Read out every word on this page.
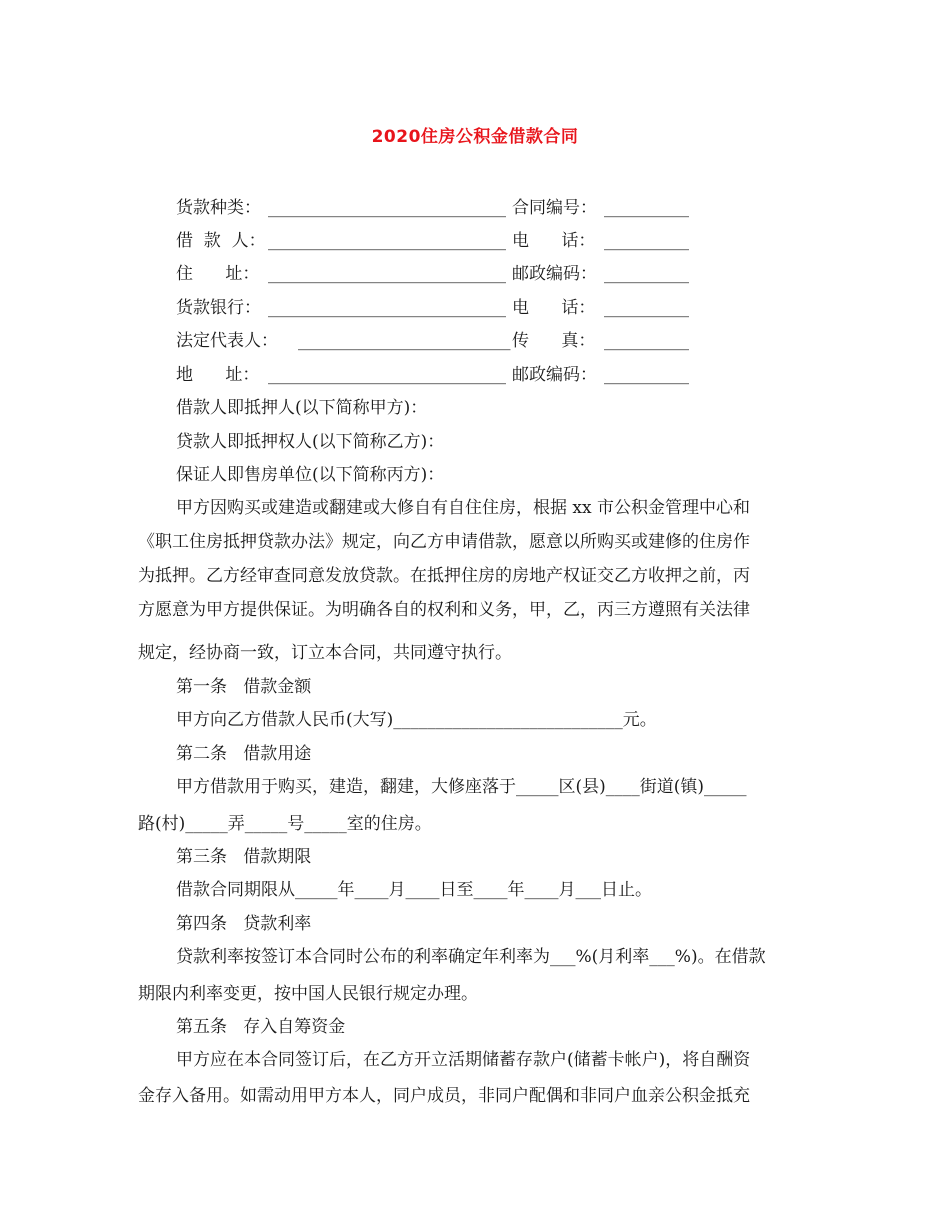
2020住房公积金借款合同
货款种类： ____________________________ 合同编号： __________
借  款  人： ____________________________ 电      话： __________
住      址： ____________________________ 邮政编码： __________
货款银行： ____________________________ 电      话： __________
法定代表人： _________________________ 传      真： __________
地      址： ____________________________ 邮政编码： __________
借款人即抵押人(以下简称甲方)：
贷款人即抵押权人(以下简称乙方)：
保证人即售房单位(以下简称丙方)：
甲方因购买或建造或翻建或大修自有自住住房，根据 xx 市公积金管理中心和
《职工住房抵押贷款办法》规定，向乙方申请借款，愿意以所购买或建修的住房作
为抵押。乙方经审查同意发放贷款。在抵押住房的房地产权证交乙方收押之前，丙
方愿意为甲方提供保证。为明确各自的权利和义务，甲，乙，丙三方遵照有关法律
规定，经协商一致，订立本合同，共同遵守执行。
第一条   借款金额
甲方向乙方借款人民币(大写)___________________________元。
第二条   借款用途
甲方借款用于购买，建造，翻建，大修座落于_____区(县)____街道(镇)_____
路(村)_____弄_____号_____室的住房。
第三条   借款期限
借款合同期限从_____年____月____日至____年____月___日止。
第四条   贷款利率
贷款利率按签订本合同时公布的利率确定年利率为___%(月利率___%)。在借款
期限内利率变更，按中国人民银行规定办理。
第五条   存入自筹资金
甲方应在本合同签订后，在乙方开立活期储蓄存款户(储蓄卡帐户)，将自酬资
金存入备用。如需动用甲方本人，同户成员，非同户配偶和非同户血亲公积金抵充
